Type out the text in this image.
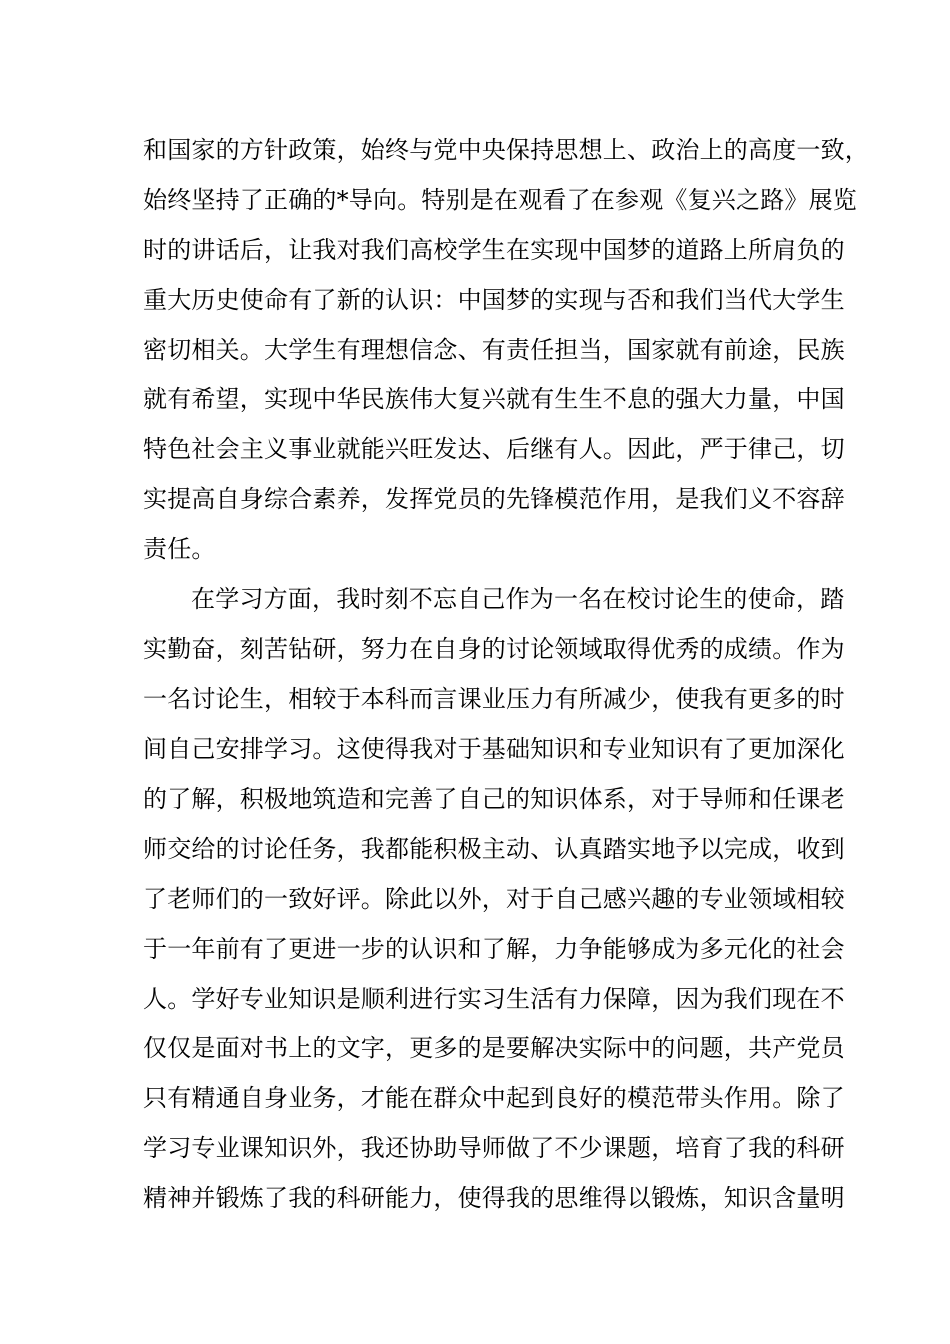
和国家的方针政策，始终与党中央保持思想上、政治上的高度一致，
始终坚持了正确的*导向。特别是在观看了在参观《复兴之路》展览
时的讲话后，让我对我们高校学生在实现中国梦的道路上所肩负的
重大历史使命有了新的认识：中国梦的实现与否和我们当代大学生
密切相关。大学生有理想信念、有责任担当，国家就有前途，民族
就有希望，实现中华民族伟大复兴就有生生不息的强大力量，中国
特色社会主义事业就能兴旺发达、后继有人。因此，严于律己，切
实提高自身综合素养，发挥党员的先锋模范作用，是我们义不容辞
责任。
在学习方面，我时刻不忘自己作为一名在校讨论生的使命，踏
实勤奋，刻苦钻研，努力在自身的讨论领域取得优秀的成绩。作为
一名讨论生，相较于本科而言课业压力有所减少，使我有更多的时
间自己安排学习。这使得我对于基础知识和专业知识有了更加深化
的了解，积极地筑造和完善了自己的知识体系，对于导师和任课老
师交给的讨论任务，我都能积极主动、认真踏实地予以完成，收到
了老师们的一致好评。除此以外，对于自己感兴趣的专业领域相较
于一年前有了更进一步的认识和了解，力争能够成为多元化的社会
人。学好专业知识是顺利进行实习生活有力保障，因为我们现在不
仅仅是面对书上的文字，更多的是要解决实际中的问题，共产党员
只有精通自身业务，才能在群众中起到良好的模范带头作用。除了
学习专业课知识外，我还协助导师做了不少课题，培育了我的科研
精神并锻炼了我的科研能力，使得我的思维得以锻炼，知识含量明
